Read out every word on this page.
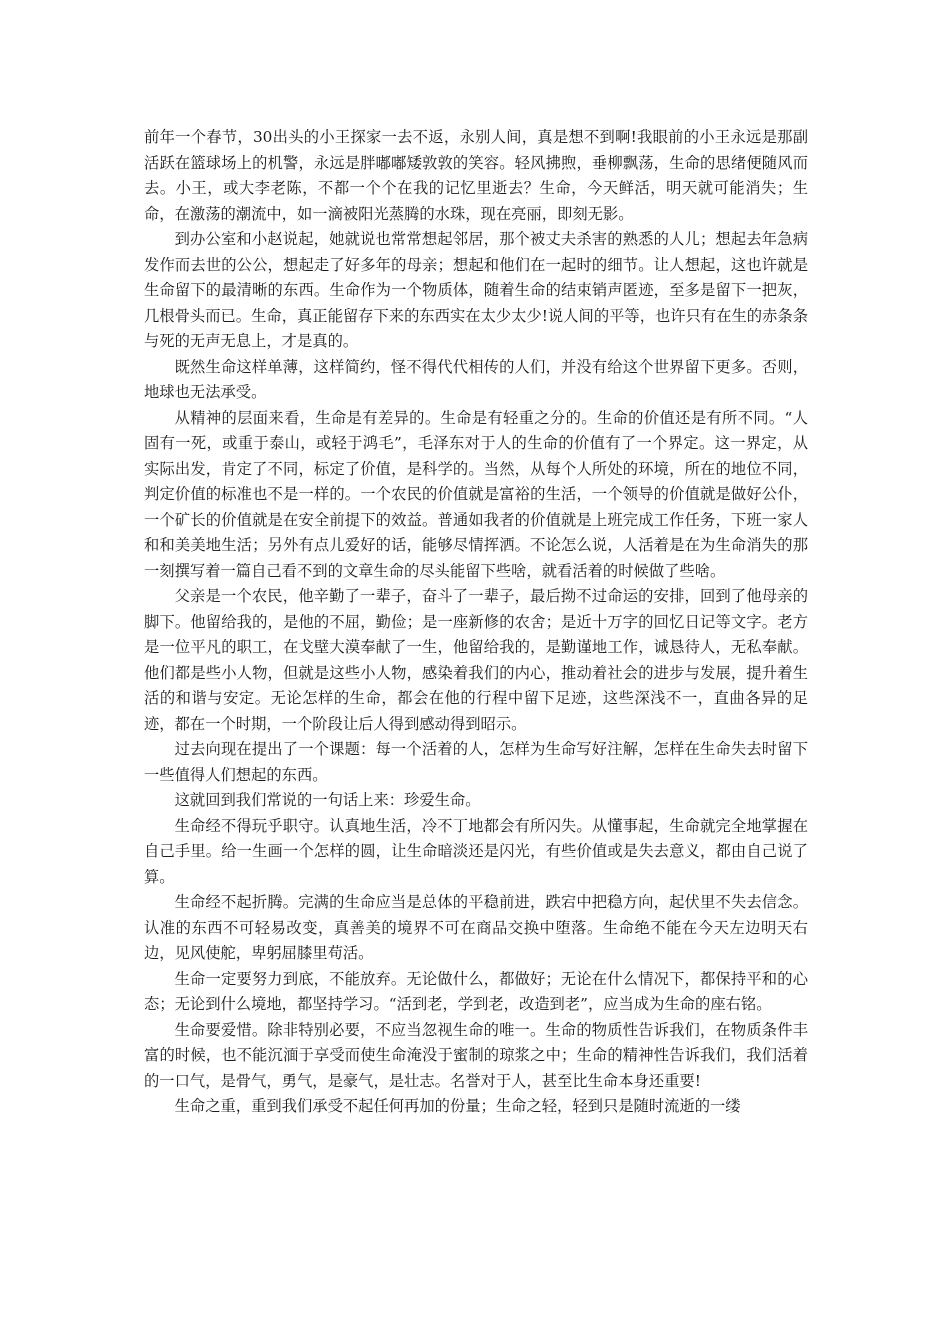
前年一个春节，30出头的小王探家一去不返，永别人间，真是想不到啊!我眼前的小王永远是那副活跃在篮球场上的机警，永远是胖嘟嘟矮敦敦的笑容。轻风拂煦，垂柳飘荡，生命的思绪便随风而去。小王，或大李老陈，不都一个个在我的记忆里逝去？生命，今天鲜活，明天就可能消失；生命，在激荡的潮流中，如一滴被阳光蒸腾的水珠，现在亮丽，即刻无影。

到办公室和小赵说起，她就说也常常想起邻居，那个被丈夫杀害的熟悉的人儿；想起去年急病发作而去世的公公，想起走了好多年的母亲；想起和他们在一起时的细节。让人想起，这也许就是生命留下的最清晰的东西。生命作为一个物质体，随着生命的结束销声匿迹，至多是留下一把灰，几根骨头而已。生命，真正能留存下来的东西实在太少太少!说人间的平等，也许只有在生的赤条条与死的无声无息上，才是真的。

既然生命这样单薄，这样简约，怪不得代代相传的人们，并没有给这个世界留下更多。否则，地球也无法承受。

从精神的层面来看，生命是有差异的。生命是有轻重之分的。生命的价值还是有所不同。“人固有一死，或重于泰山，或轻于鸿毛”，毛泽东对于人的生命的价值有了一个界定。这一界定，从实际出发，肯定了不同，标定了价值，是科学的。当然，从每个人所处的环境，所在的地位不同，判定价值的标准也不是一样的。一个农民的价值就是富裕的生活，一个领导的价值就是做好公仆，一个矿长的价值就是在安全前提下的效益。普通如我者的价值就是上班完成工作任务，下班一家人和和美美地生活；另外有点儿爱好的话，能够尽情挥洒。不论怎么说，人活着是在为生命消失的那一刻撰写着一篇自己看不到的文章生命的尽头能留下些啥，就看活着的时候做了些啥。

父亲是一个农民，他辛勤了一辈子，奋斗了一辈子，最后拗不过命运的安排，回到了他母亲的脚下。他留给我的，是他的不屈，勤俭；是一座新修的农舍；是近十万字的回忆日记等文字。老方是一位平凡的职工，在戈壁大漠奉献了一生，他留给我的，是勤谨地工作，诚恳待人，无私奉献。他们都是些小人物，但就是这些小人物，感染着我们的内心，推动着社会的进步与发展，提升着生活的和谐与安定。无论怎样的生命，都会在他的行程中留下足迹，这些深浅不一，直曲各异的足迹，都在一个时期，一个阶段让后人得到感动得到昭示。

过去向现在提出了一个课题：每一个活着的人，怎样为生命写好注解，怎样在生命失去时留下一些值得人们想起的东西。

这就回到我们常说的一句话上来：珍爱生命。

生命经不得玩乎职守。认真地生活，冷不丁地都会有所闪失。从懂事起，生命就完全地掌握在自己手里。给一生画一个怎样的圆，让生命暗淡还是闪光，有些价值或是失去意义，都由自己说了算。

生命经不起折腾。完满的生命应当是总体的平稳前进，跌宕中把稳方向，起伏里不失去信念。认准的东西不可轻易改变，真善美的境界不可在商品交换中堕落。生命绝不能在今天左边明天右边，见风使舵，卑躬屈膝里苟活。

生命一定要努力到底，不能放弃。无论做什么，都做好；无论在什么情况下，都保持平和的心态；无论到什么境地，都坚持学习。“活到老，学到老，改造到老”，应当成为生命的座右铭。

生命要爱惜。除非特别必要，不应当忽视生命的唯一。生命的物质性告诉我们，在物质条件丰富的时候，也不能沉湎于享受而使生命淹没于蜜制的琼浆之中；生命的精神性告诉我们，我们活着的一口气，是骨气，勇气，是豪气，是壮志。名誉对于人，甚至比生命本身还重要!

生命之重，重到我们承受不起任何再加的份量；生命之轻，轻到只是随时流逝的一缕
